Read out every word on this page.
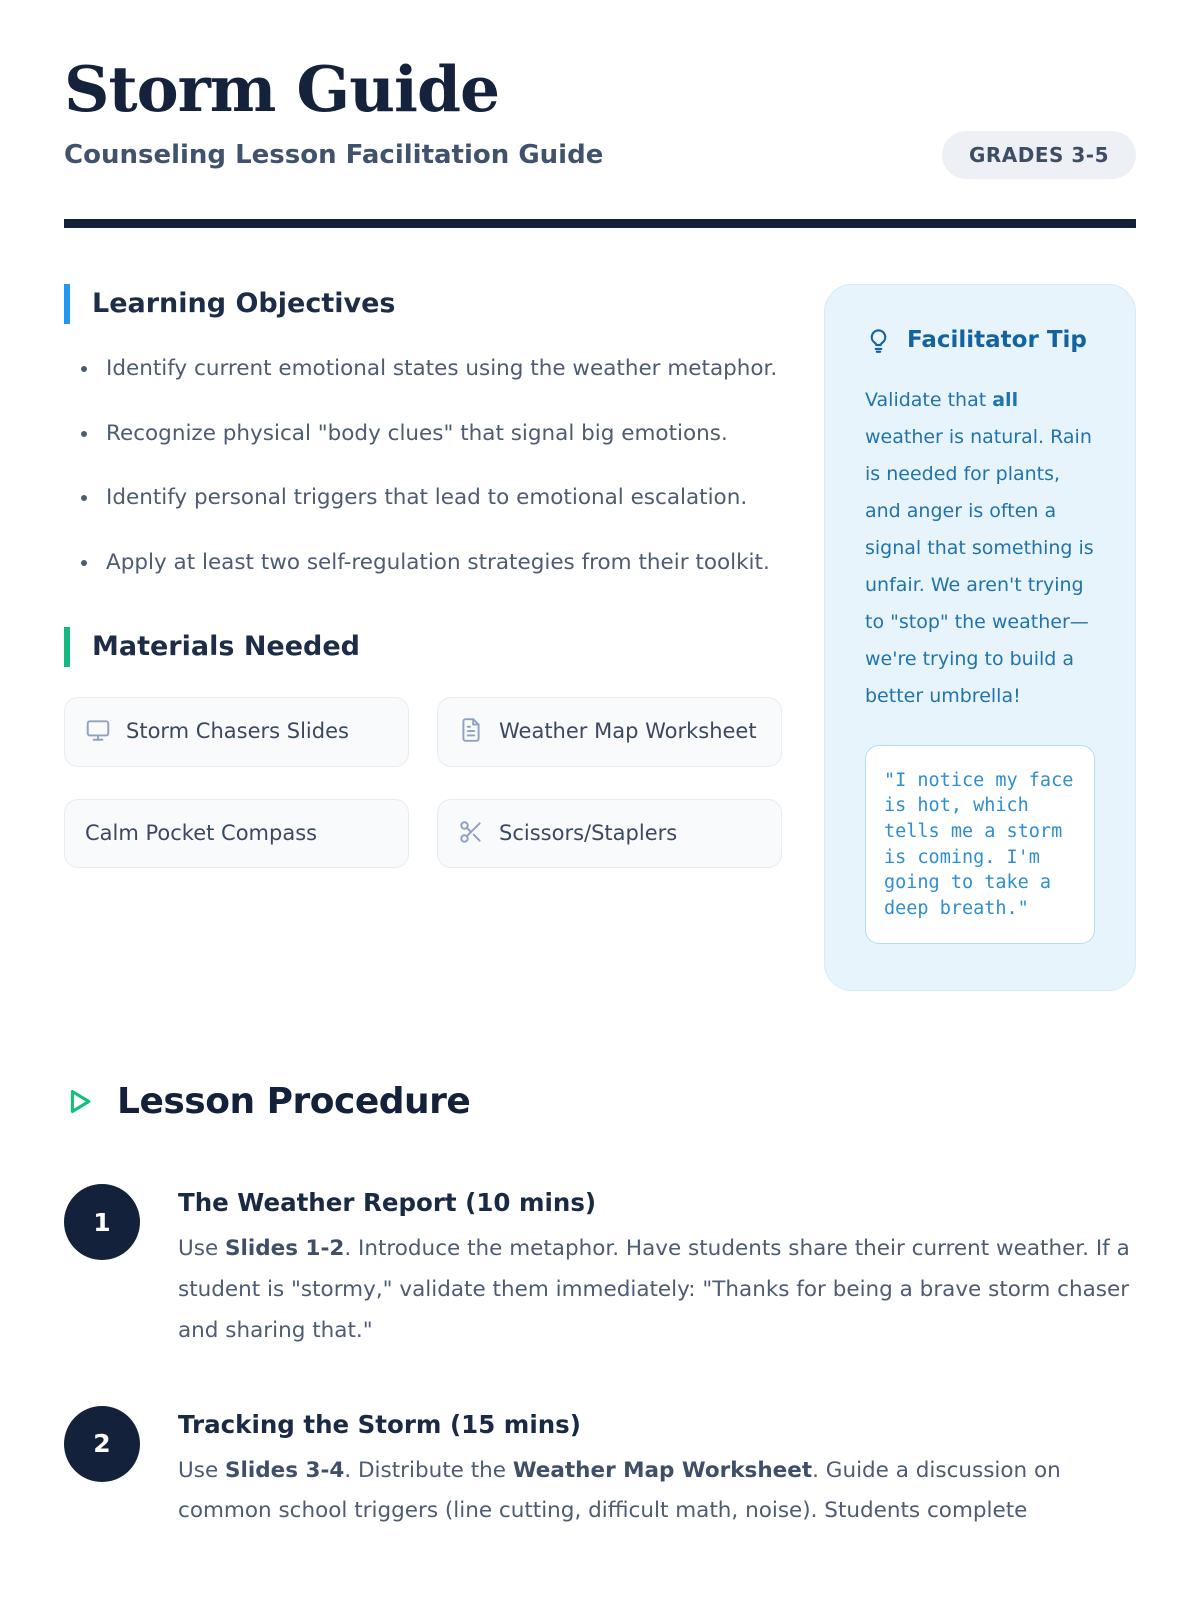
Storm Guide
Counseling Lesson Facilitation Guide	GRADES 3-5
Learning Objectives
• Identify current emotional states using the weather metaphor.
• Recognize physical "body clues" that signal big emotions.
• Identify personal triggers that lead to emotional escalation.
• Apply at least two self-regulation strategies from their toolkit.
Materials Needed
Storm Chasers Slides	Weather Map Worksheet
Calm Pocket Compass	Scissors/Staplers
Facilitator Tip

Validate that all weather is natural. Rain is needed for plants, and anger is often a signal that something is unfair. We aren't trying to "stop" the weather—we're trying to build a better umbrella!

"I notice my face is hot, which tells me a storm is coming. I'm going to take a deep breath."
Lesson Procedure
1
The Weather Report (10 mins)

Use Slides 1-2. Introduce the metaphor. Have students share their current weather. If a student is "stormy," validate them immediately: "Thanks for being a brave storm chaser and sharing that."

2
Tracking the Storm (15 mins)

Use Slides 3-4. Distribute the Weather Map Worksheet. Guide a discussion on common school triggers (line cutting, difficult math, noise). Students complete
